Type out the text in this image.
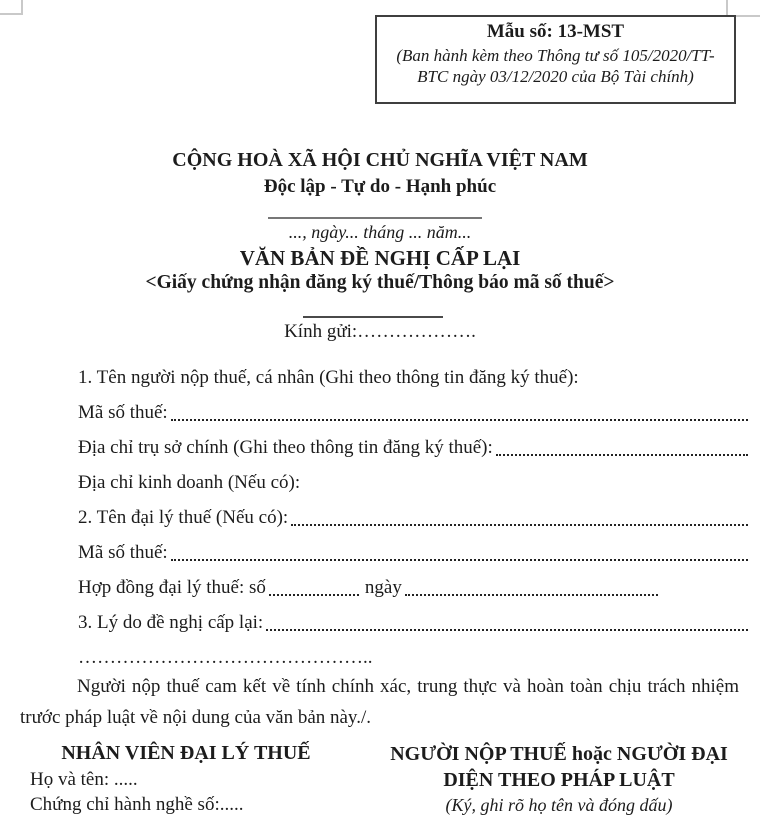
Mẫu số: 13-MST
(Ban hành kèm theo Thông tư số 105/2020/TT-BTC ngày 03/12/2020 của Bộ Tài chính)
CỘNG HOÀ XÃ HỘI CHỦ NGHĨA VIỆT NAM
Độc lập - Tự do - Hạnh phúc
..., ngày... tháng ... năm...
VĂN BẢN ĐỀ NGHỊ CẤP LẠI
<Giấy chứng nhận đăng ký thuế/Thông báo mã số thuế>
Kính gửi:……………….
1. Tên người nộp thuế, cá nhân (Ghi theo thông tin đăng ký thuế):
Mã số thuế:
Địa chỉ trụ sở chính (Ghi theo thông tin đăng ký thuế):
Địa chỉ kinh doanh (Nếu có):
2. Tên đại lý thuế (Nếu có):
Mã số thuế:
Hợp đồng đại lý thuế: số	ngày
3. Lý do đề nghị cấp lại:
………………………………………..
Người nộp thuế cam kết về tính chính xác, trung thực và hoàn toàn chịu trách nhiệm trước pháp luật về nội dung của văn bản này./.
NHÂN VIÊN ĐẠI LÝ THUẾ
Họ và tên: .....
Chứng chỉ hành nghề số:.....
NGƯỜI NỘP THUẾ hoặc NGƯỜI ĐẠI DIỆN THEO PHÁP LUẬT
(Ký, ghi rõ họ tên và đóng dấu)
